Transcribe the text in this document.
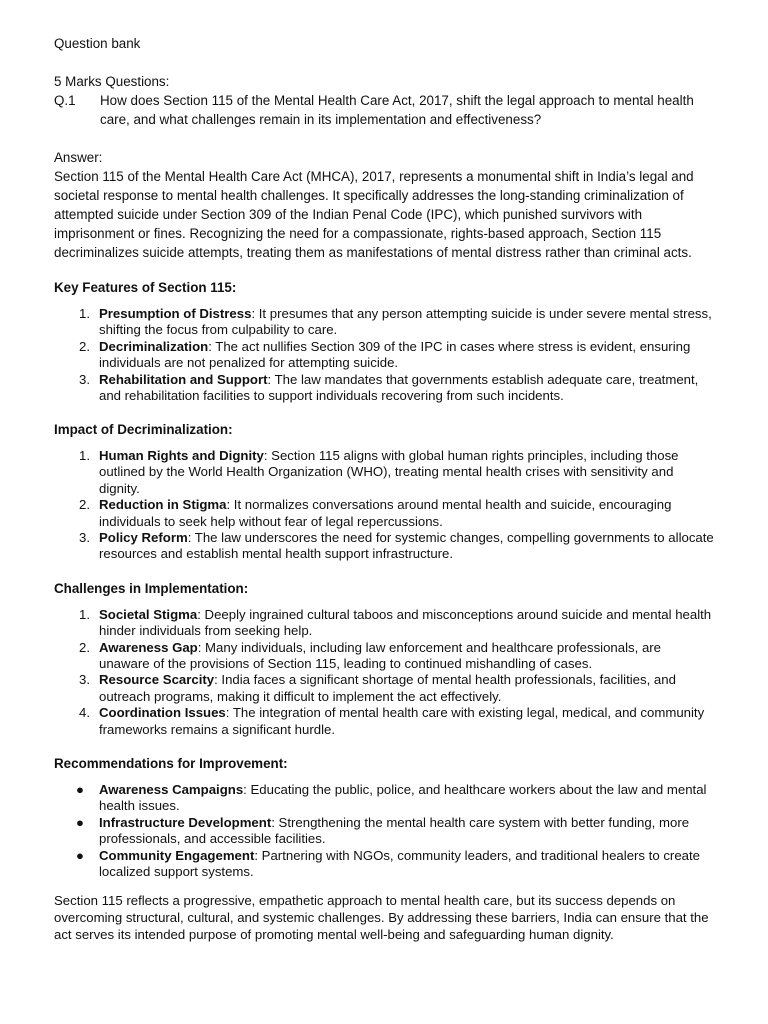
Question bank

5 Marks Questions:

Q.1	How does Section 115 of the Mental Health Care Act, 2017, shift the legal approach to mental health care, and what challenges remain in its implementation and effectiveness?

Answer:

Section 115 of the Mental Health Care Act (MHCA), 2017, represents a monumental shift in India’s legal and societal response to mental health challenges. It specifically addresses the long-standing criminalization of attempted suicide under Section 309 of the Indian Penal Code (IPC), which punished survivors with imprisonment or fines. Recognizing the need for a compassionate, rights-based approach, Section 115 decriminalizes suicide attempts, treating them as manifestations of mental distress rather than criminal acts.

Key Features of Section 115:
1. Presumption of Distress: It presumes that any person attempting suicide is under severe mental stress, shifting the focus from culpability to care.
2. Decriminalization: The act nullifies Section 309 of the IPC in cases where stress is evident, ensuring individuals are not penalized for attempting suicide.
3. Rehabilitation and Support: The law mandates that governments establish adequate care, treatment, and rehabilitation facilities to support individuals recovering from such incidents.
Impact of Decriminalization:
1. Human Rights and Dignity: Section 115 aligns with global human rights principles, including those outlined by the World Health Organization (WHO), treating mental health crises with sensitivity and dignity.
2. Reduction in Stigma: It normalizes conversations around mental health and suicide, encouraging individuals to seek help without fear of legal repercussions.
3. Policy Reform: The law underscores the need for systemic changes, compelling governments to allocate resources and establish mental health support infrastructure.
Challenges in Implementation:
1. Societal Stigma: Deeply ingrained cultural taboos and misconceptions around suicide and mental health hinder individuals from seeking help.
2. Awareness Gap: Many individuals, including law enforcement and healthcare professionals, are unaware of the provisions of Section 115, leading to continued mishandling of cases.
3. Resource Scarcity: India faces a significant shortage of mental health professionals, facilities, and outreach programs, making it difficult to implement the act effectively.
4. Coordination Issues: The integration of mental health care with existing legal, medical, and community frameworks remains a significant hurdle.
Recommendations for Improvement:
●	Awareness Campaigns: Educating the public, police, and healthcare workers about the law and mental health issues.
●	Infrastructure Development: Strengthening the mental health care system with better funding, more professionals, and accessible facilities.
●	Community Engagement: Partnering with NGOs, community leaders, and traditional healers to create localized support systems.

Section 115 reflects a progressive, empathetic approach to mental health care, but its success depends on overcoming structural, cultural, and systemic challenges. By addressing these barriers, India can ensure that the act serves its intended purpose of promoting mental well-being and safeguarding human dignity.
